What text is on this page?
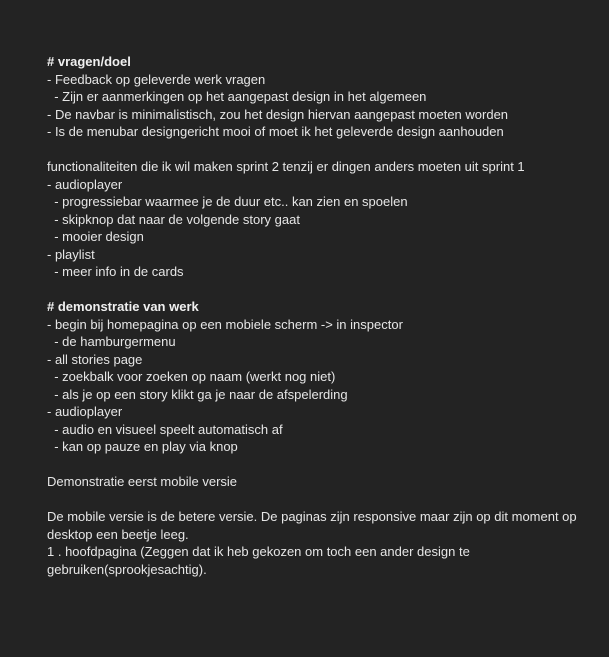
# vragen/doel
- Feedback op geleverde werk vragen
- Zijn er aanmerkingen op het aangepast design in het algemeen
- De navbar is minimalistisch, zou het design hiervan aangepast moeten worden
- Is de menubar designgericht mooi of moet ik het geleverde design aanhouden
functionaliteiten die ik wil maken sprint 2 tenzij er dingen anders moeten uit sprint 1
- audioplayer
- progressiebar waarmee je de duur etc.. kan zien en spoelen
- skipknop dat naar de volgende story gaat
- mooier design
- playlist
- meer info in de cards
# demonstratie van werk
- begin bij homepagina op een mobiele scherm -> in inspector
- de hamburgermenu
- all stories page
- zoekbalk voor zoeken op naam (werkt nog niet)
- als je op een story klikt ga je naar de afspelerding
- audioplayer
- audio en visueel speelt automatisch af
- kan op pauze en play via knop
Demonstratie eerst mobile versie
De mobile versie is de betere versie. De paginas zijn responsive maar zijn op dit moment op desktop een beetje leeg.
1 . hoofdpagina (Zeggen dat ik heb gekozen om toch een ander design te gebruiken(sprookjesachtig).
